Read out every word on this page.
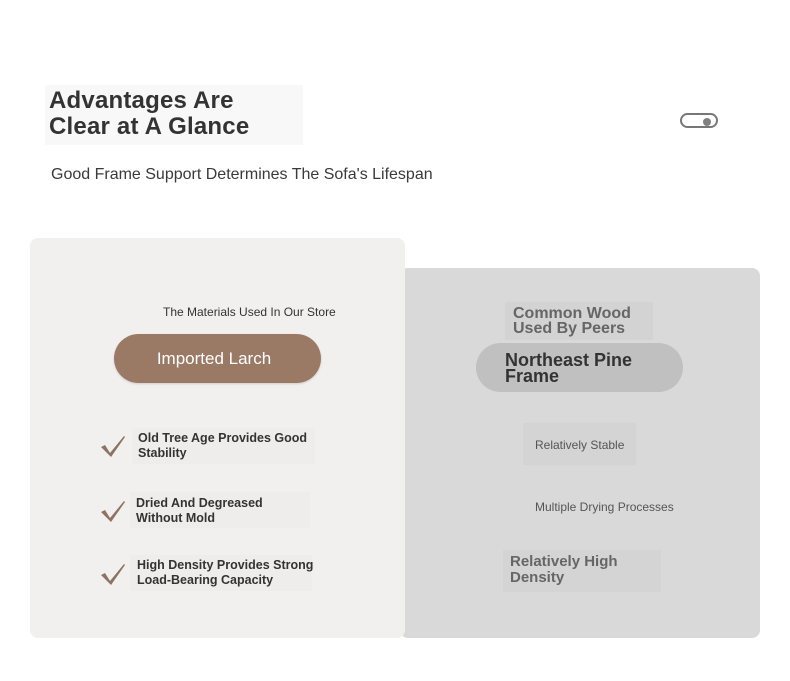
Advantages Are
Clear at A Glance
Good Frame Support Determines The Sofa's Lifespan
The Materials Used In Our Store
Imported Larch
Old Tree Age Provides Good
Stability
Dried And Degreased
Without Mold
High Density Provides Strong
Load-Bearing Capacity
Common Wood
Used By Peers
Northeast Pine
Frame
Relatively Stable
Multiple Drying Processes
Relatively High
Density
